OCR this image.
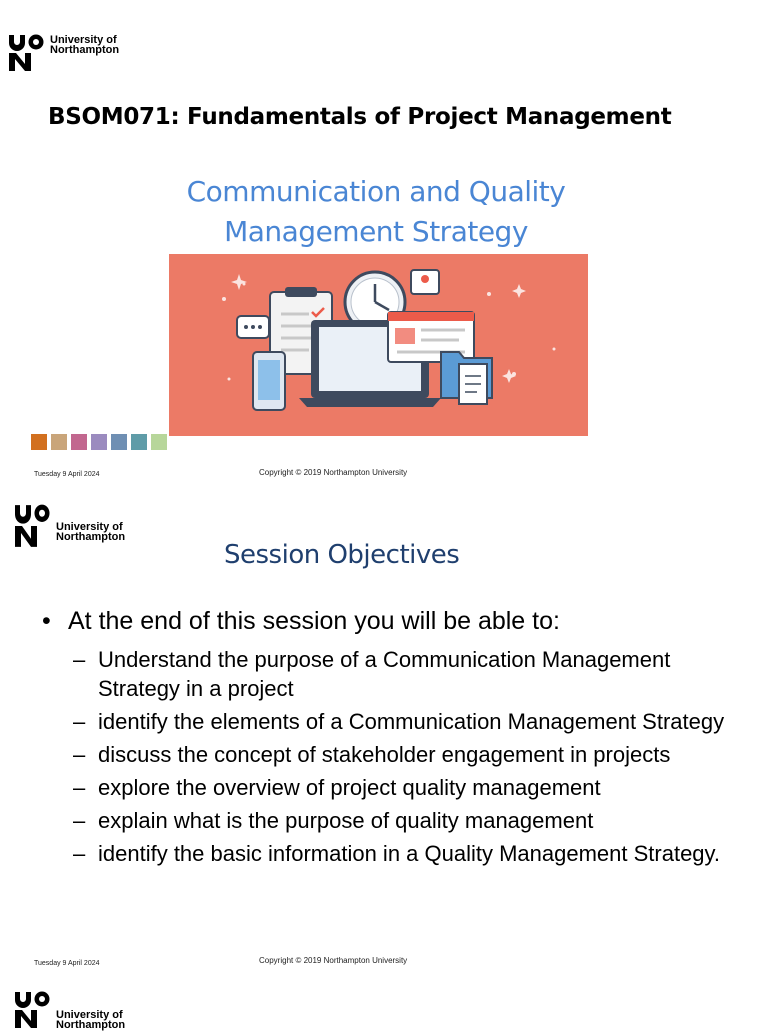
University of
Northampton
BSOM071: Fundamentals of Project Management
Communication and Quality
Management Strategy
Tuesday 9 April 2024	Copyright © 2019 Northampton University
University of
Northampton
Session Objectives
• At the end of this session you will be able to:
– Understand the purpose of a Communication Management Strategy in a project
– identify the elements of a Communication Management Strategy
– discuss the concept of stakeholder engagement in projects
– explore the overview of project quality management
– explain what is the purpose of quality management
– identify the basic information in a Quality Management Strategy.
Tuesday 9 April 2024	Copyright © 2019 Northampton University
University of
Northampton
